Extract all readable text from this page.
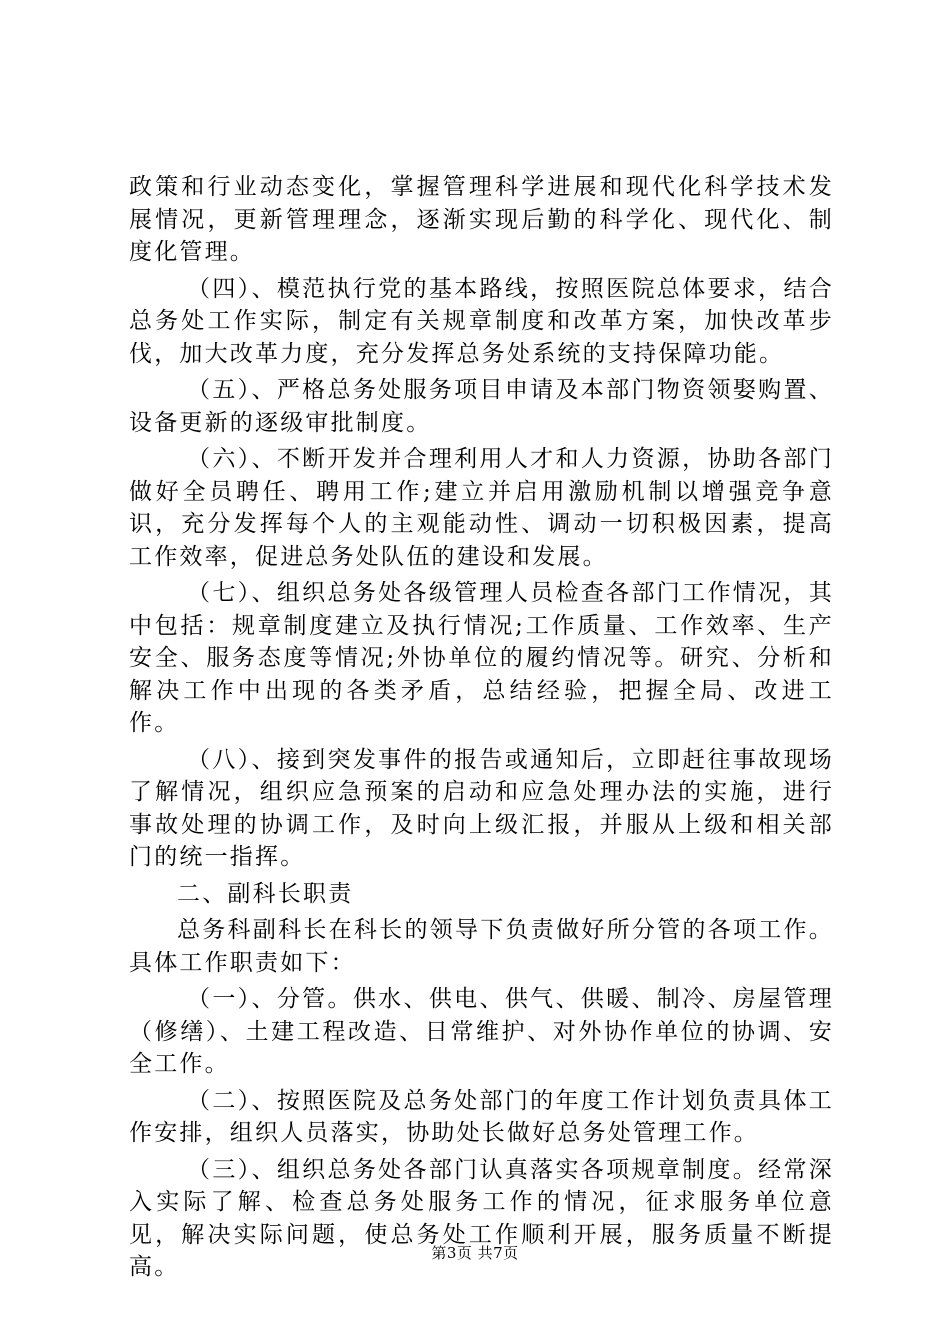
政策和行业动态变化，掌握管理科学进展和现代化科学技术发展情况，更新管理理念，逐渐实现后勤的科学化、现代化、制度化管理。

（四）、模范执行党的基本路线，按照医院总体要求，结合总务处工作实际，制定有关规章制度和改革方案，加快改革步伐，加大改革力度，充分发挥总务处系统的支持保障功能。

（五）、严格总务处服务项目申请及本部门物资领娶购置、设备更新的逐级审批制度。

（六）、不断开发并合理利用人才和人力资源，协助各部门做好全员聘任、聘用工作;建立并启用激励机制以增强竞争意识，充分发挥每个人的主观能动性、调动一切积极因素，提高工作效率，促进总务处队伍的建设和发展。

（七）、组织总务处各级管理人员检查各部门工作情况，其中包括：规章制度建立及执行情况;工作质量、工作效率、生产安全、服务态度等情况;外协单位的履约情况等。研究、分析和解决工作中出现的各类矛盾，总结经验，把握全局、改进工作。

（八）、接到突发事件的报告或通知后，立即赶往事故现场了解情况，组织应急预案的启动和应急处理办法的实施，进行事故处理的协调工作，及时向上级汇报，并服从上级和相关部门的统一指挥。

二、副科长职责

总务科副科长在科长的领导下负责做好所分管的各项工作。具体工作职责如下：

（一）、分管。供水、供电、供气、供暖、制冷、房屋管理（修缮）、土建工程改造、日常维护、对外协作单位的协调、安全工作。

（二）、按照医院及总务处部门的年度工作计划负责具体工作安排，组织人员落实，协助处长做好总务处管理工作。

（三）、组织总务处各部门认真落实各项规章制度。经常深入实际了解、检查总务处服务工作的情况，征求服务单位意见，解决实际问题，使总务处工作顺利开展，服务质量不断提高。

第3页 共7页
